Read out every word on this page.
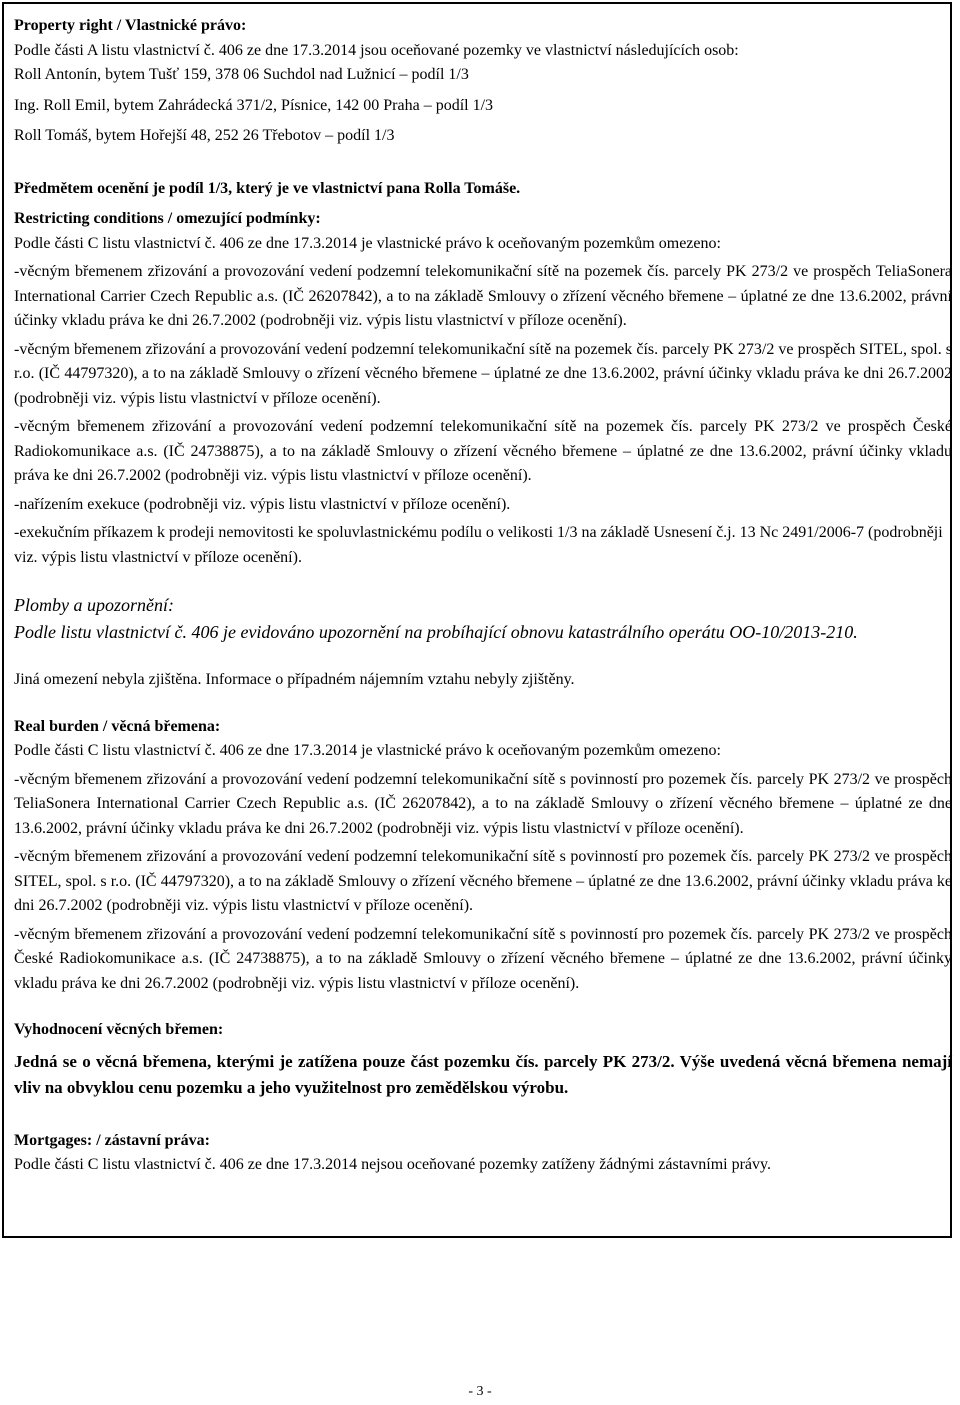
Property right / Vlastnické právo:

Podle části A listu vlastnictví č. 406 ze dne 17.3.2014 jsou oceňované pozemky ve vlastnictví následujících osob:

Roll Antonín, bytem Tušť 159, 378 06 Suchdol nad Lužnicí – podíl 1/3

Ing. Roll Emil, bytem Zahrádecká 371/2, Písnice, 142 00 Praha – podíl 1/3

Roll Tomáš, bytem Hořejší 48, 252 26 Třebotov – podíl 1/3

Předmětem ocenění je podíl 1/3, který je ve vlastnictví pana Rolla Tomáše.

Restricting conditions / omezující podmínky:

Podle části C listu vlastnictví č. 406 ze dne 17.3.2014 je vlastnické právo k oceňovaným pozemkům omezeno:

-věcným břemenem zřizování a provozování vedení podzemní telekomunikační sítě na pozemek čís. parcely PK 273/2 ve prospěch TeliaSonera International Carrier Czech Republic a.s. (IČ 26207842), a to na základě Smlouvy o zřízení věcného břemene – úplatné ze dne 13.6.2002, právní účinky vkladu práva ke dni 26.7.2002 (podrobněji viz. výpis listu vlastnictví v příloze ocenění).

-věcným břemenem zřizování a provozování vedení podzemní telekomunikační sítě na pozemek čís. parcely PK 273/2 ve prospěch SITEL, spol. s r.o. (IČ 44797320), a to na základě Smlouvy o zřízení věcného břemene – úplatné ze dne 13.6.2002, právní účinky vkladu práva ke dni 26.7.2002 (podrobněji viz. výpis listu vlastnictví v příloze ocenění).

-věcným břemenem zřizování a provozování vedení podzemní telekomunikační sítě na pozemek čís. parcely PK 273/2 ve prospěch České Radiokomunikace a.s. (IČ 24738875), a to na základě Smlouvy o zřízení věcného břemene – úplatné ze dne 13.6.2002, právní účinky vkladu práva ke dni 26.7.2002 (podrobněji viz. výpis listu vlastnictví v příloze ocenění).

-nařízením exekuce (podrobněji viz. výpis listu vlastnictví v příloze ocenění).

-exekučním příkazem k prodeji nemovitosti ke spoluvlastnickému podílu o velikosti 1/3 na základě Usnesení č.j. 13 Nc 2491/2006-7 (podrobněji viz. výpis listu vlastnictví v příloze ocenění).

Plomby a upozornění:

Podle listu vlastnictví č. 406 je evidováno upozornění na probíhající obnovu katastrálního operátu OO-10/2013-210.

Jiná omezení nebyla zjištěna. Informace o případném nájemním vztahu nebyly zjištěny.

Real burden / věcná břemena:

Podle části C listu vlastnictví č. 406 ze dne 17.3.2014 je vlastnické právo k oceňovaným pozemkům omezeno:

-věcným břemenem zřizování a provozování vedení podzemní telekomunikační sítě s povinností pro pozemek čís. parcely PK 273/2 ve prospěch TeliaSonera International Carrier Czech Republic a.s. (IČ 26207842), a to na základě Smlouvy o zřízení věcného břemene – úplatné ze dne 13.6.2002, právní účinky vkladu práva ke dni 26.7.2002 (podrobněji viz. výpis listu vlastnictví v příloze ocenění).

-věcným břemenem zřizování a provozování vedení podzemní telekomunikační sítě s povinností pro pozemek čís. parcely PK 273/2 ve prospěch SITEL, spol. s r.o. (IČ 44797320), a to na základě Smlouvy o zřízení věcného břemene – úplatné ze dne 13.6.2002, právní účinky vkladu práva ke dni 26.7.2002 (podrobněji viz. výpis listu vlastnictví v příloze ocenění).

-věcným břemenem zřizování a provozování vedení podzemní telekomunikační sítě s povinností pro pozemek čís. parcely PK 273/2 ve prospěch České Radiokomunikace a.s. (IČ 24738875), a to na základě Smlouvy o zřízení věcného břemene – úplatné ze dne 13.6.2002, právní účinky vkladu práva ke dni 26.7.2002 (podrobněji viz. výpis listu vlastnictví v příloze ocenění).

Vyhodnocení věcných břemen:

Jedná se o věcná břemena, kterými je zatížena pouze část pozemku čís. parcely PK 273/2. Výše uvedená věcná břemena nemají vliv na obvyklou cenu pozemku a jeho využitelnost pro zemědělskou výrobu.

Mortgages: / zástavní práva:

Podle části C listu vlastnictví č. 406 ze dne 17.3.2014 nejsou oceňované pozemky zatíženy žádnými zástavními právy.

- 3 -
